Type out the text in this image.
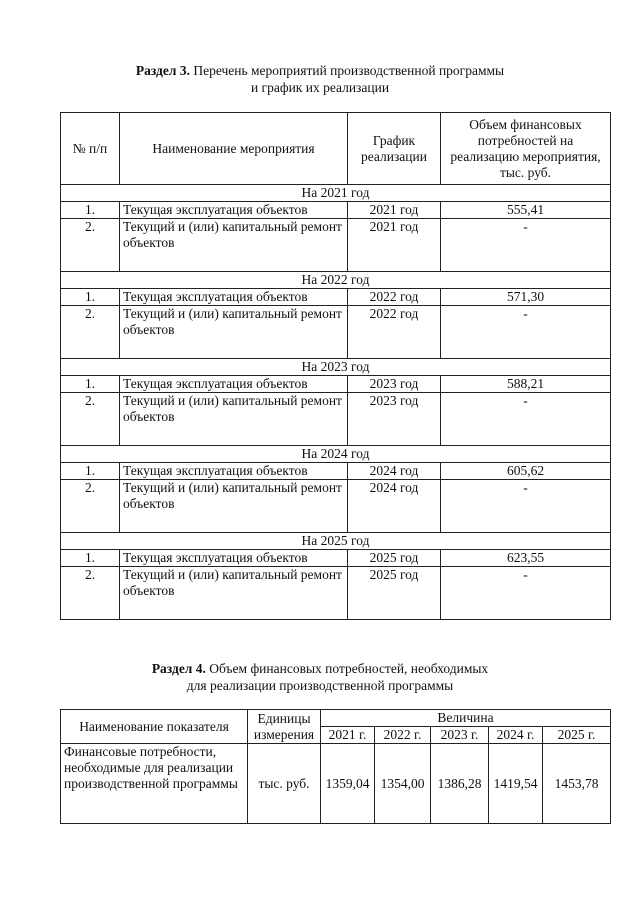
Раздел 3. Перечень мероприятий производственной программы
и график их реализации
№ п/п	Наименование мероприятия	График реализации	Объем финансовых потребностей на реализацию мероприятия, тыс. руб.
На 2021 год			
1.	Текущая эксплуатация объектов	2021 год	555,41
2.	Текущий и (или) капитальный ремонт объектов	2021 год	-
На 2022 год			
1.	Текущая эксплуатация объектов	2022 год	571,30
2.	Текущий и (или) капитальный ремонт объектов	2022 год	-
На 2023 год			
1.	Текущая эксплуатация объектов	2023 год	588,21
2.	Текущий и (или) капитальный ремонт объектов	2023 год	-
На 2024 год			
1.	Текущая эксплуатация объектов	2024 год	605,62
2.	Текущий и (или) капитальный ремонт объектов	2024 год	-
На 2025 год			
1.	Текущая эксплуатация объектов	2025 год	623,55
2.	Текущий и (или) капитальный ремонт объектов	2025 год	-
Раздел 4. Объем финансовых потребностей, необходимых
для реализации производственной программы
Наименование показателя	Единицы измерения	Величина				
		2021 г.	2022 г.	2023 г.	2024 г.	2025 г.
Финансовые потребности, необходимые для реализации производственной программы	тыс. руб.	1359,04	1354,00	1386,28	1419,54	1453,78
